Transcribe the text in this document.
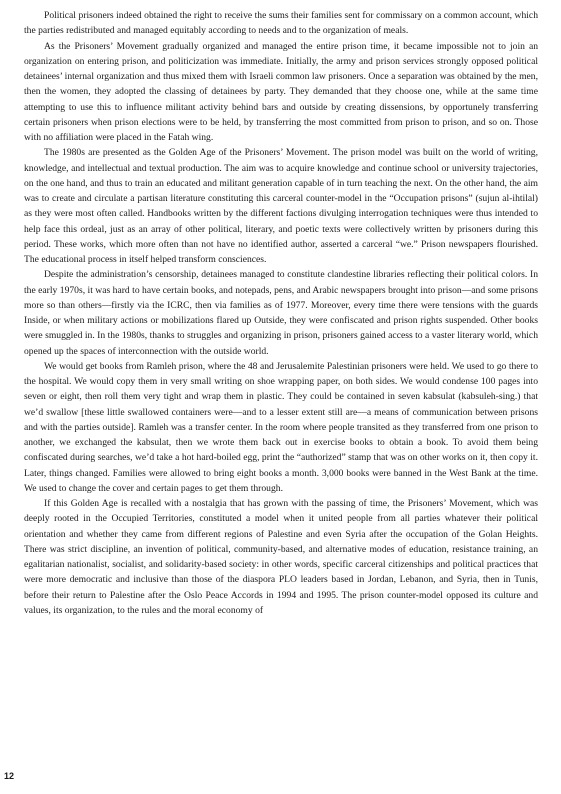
Political prisoners indeed obtained the right to receive the sums their families sent for commissary on a common account, which the parties redistributed and managed equitably according to needs and to the organization of meals.

As the Prisoners’ Movement gradually organized and managed the entire prison time, it became impossible not to join an organization on entering prison, and politicization was immediate. Initially, the army and prison services strongly opposed political detainees’ internal organization and thus mixed them with Israeli common law prisoners. Once a separation was obtained by the men, then the women, they adopted the classing of detainees by party. They demanded that they choose one, while at the same time attempting to use this to influence militant activity behind bars and outside by creating dissensions, by opportunely transferring certain prisoners when prison elections were to be held, by transferring the most committed from prison to prison, and so on. Those with no affiliation were placed in the Fatah wing.

The 1980s are presented as the Golden Age of the Prisoners’ Movement. The prison model was built on the world of writing, knowledge, and intellectual and textual production. The aim was to acquire knowledge and continue school or university trajectories, on the one hand, and thus to train an educated and militant generation capable of in turn teaching the next. On the other hand, the aim was to create and circulate a partisan literature constituting this carceral counter-model in the “Occupation prisons” (sujun al-ihtilal) as they were most often called. Handbooks written by the different factions divulging interrogation techniques were thus intended to help face this ordeal, just as an array of other political, literary, and poetic texts were collectively written by prisoners during this period. These works, which more often than not have no identified author, asserted a carceral “we.” Prison newspapers flourished. The educational process in itself helped transform consciences.

Despite the administration’s censorship, detainees managed to constitute clandestine libraries reflecting their political colors. In the early 1970s, it was hard to have certain books, and notepads, pens, and Arabic newspapers brought into prison—and some prisons more so than others—firstly via the ICRC, then via families as of 1977. Moreover, every time there were tensions with the guards Inside, or when military actions or mobilizations flared up Outside, they were confiscated and prison rights suspended. Other books were smuggled in. In the 1980s, thanks to struggles and organizing in prison, prisoners gained access to a vaster literary world, which opened up the spaces of interconnection with the outside world.

We would get books from Ramleh prison, where the 48 and Jerusalemite Palestinian prisoners were held. We used to go there to the hospital. We would copy them in very small writing on shoe wrapping paper, on both sides. We would condense 100 pages into seven or eight, then roll them very tight and wrap them in plastic. They could be contained in seven kabsulat (kabsuleh-sing.) that we’d swallow [these little swallowed containers were—and to a lesser extent still are—a means of communication between prisons and with the parties outside]. Ramleh was a transfer center. In the room where people transited as they transferred from one prison to another, we exchanged the kabsulat, then we wrote them back out in exercise books to obtain a book. To avoid them being confiscated during searches, we’d take a hot hard-boiled egg, print the “authorized” stamp that was on other works on it, then copy it. Later, things changed. Families were allowed to bring eight books a month. 3,000 books were banned in the West Bank at the time. We used to change the cover and certain pages to get them through.

If this Golden Age is recalled with a nostalgia that has grown with the passing of time, the Prisoners’ Movement, which was deeply rooted in the Occupied Territories, constituted a model when it united people from all parties whatever their political orientation and whether they came from different regions of Palestine and even Syria after the occupation of the Golan Heights. There was strict discipline, an invention of political, community-based, and alternative modes of education, resistance training, an egalitarian nationalist, socialist, and solidarity-based society: in other words, specific carceral citizenships and political practices that were more democratic and inclusive than those of the diaspora PLO leaders based in Jordan, Lebanon, and Syria, then in Tunis, before their return to Palestine after the Oslo Peace Accords in 1994 and 1995. The prison counter-model opposed its culture and values, its organization, to the rules and the moral economy of

12
